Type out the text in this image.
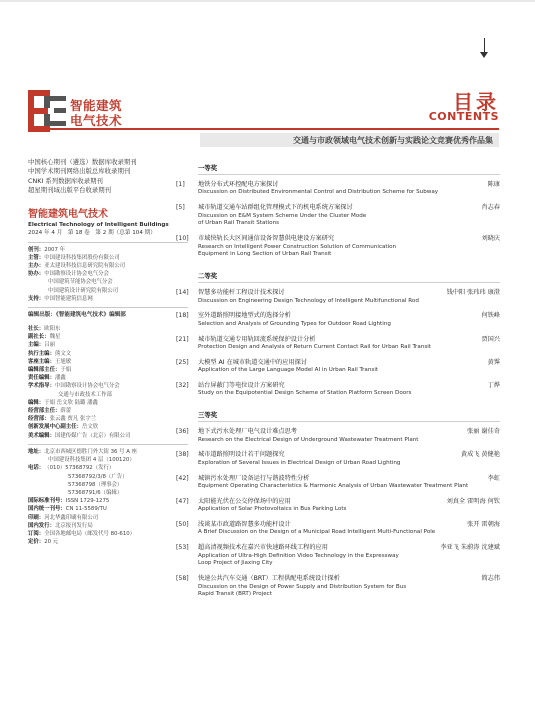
智能建筑
电气技术
目录
CONTENTS
交通与市政领域电气技术创新与实践论文竞赛优秀作品集
中国核心期刊（遴选）数据库收录期刊
中国学术期刊网络出版总库收录期刊
CNKI 系列数据库收录期刊
超星期刊域出版平台收录期刊
智能建筑电气技术
Electrical Technology of Intelligent Buildings
2024 年 4 月　第 18 卷　第 2 期（总第 104 期）
创刊： 2007 年
主管： 中国建设科技集团股份有限公司
主办： 亚太建设科技信息研究院有限公司
协办： 中国勘察设计协会电气分会
中国建筑节能协会电气分会
中国建筑设计研究院有限公司
支持： 中国智能建筑信息网
编辑出版：《智能建筑电气技术》编辑部
社长： 欧阳东
副社长： 魏星
主编： 吕丽
执行主编： 熊文文
客座主编： 王旭敏
编辑部主任： 于娟
责任编辑： 潘鑫
学术指导： 中国勘察设计协会电气分会
交通与市政技术工作部
编辑： 于娟 岳文欣 陆璐 潘鑫
经营部主任： 薛蕾
经营部： 张云鑫 贾凡 张宇兰
创新发展中心副主任： 岳文欣
美术编辑： 国建传媒广告（北京）有限公司
地址： 北京市西城区德胜门外大街 36 号 A 座
中国建设科技集团 4 层（100120）
电话： （010）57368792（发行）
57368792/3/8（广告）
57368798（理事会）
57368791/6（编辑）
国际标准刊号： ISSN 1729-1275
国内统一刊号： CN 11-5589/TU
印刷： 河北华鑫印刷有限公司
国内发行： 北京报刊发行局
订阅： 全国各地邮电局（邮发代号 80-610）
定价： 20 元
一等奖
[1]	地铁分布式环控配电方案探讨
Discussion on Distributed Environmental Control and Distribution Scheme for Subway
陈康
[5]	城市轨道交通车站群组化管理模式下的机电系统方案探讨
Discussion on E&M System Scheme Under the Cluster Mode
of Urban Rail Transit Stations
肖志春
[10]	市域快轨长大区间通信设备智慧供电建设方案研究
Research on Intelligent Power Construction Solution of Communication
Equipment in Long Section of Urban Rail Transit
刘晓庆
二等奖
[14]	智慧多功能杆工程设计技术探讨
Discussion on Engineering Design Technology of Intelligent Multifunctional Rod
钱中阳 张玮玮 康澄
[18]	室外道路照明接地型式的选择分析
Selection and Analysis of Grounding Types for Outdoor Road Lighting
何铁峰
[21]	城市轨道交通专用轨回流系统保护设计分析
Protection Design and Analysis of Return Current Contact Rail for Urban Rail Transit
贾国兴
[25]	大模型 AI 在城市轨道交通中的应用探讨
Application of the Large Language Model AI in Urban Rail Transit
黄霁
[32]	站台屏蔽门等电位设计方案研究
Study on the Equipotential Design Scheme of Station Platform Screen Doors
丁烨
三等奖
[36]	地下式污水处理厂电气设计难点思考
Research on the Electrical Design of Underground Wastewater Treatment Plant
张丽 谢佳奇
[38]	城市道路照明设计若干问题探究
Exploration of Several Issues in Electrical Design of Urban Road Lighting
黄成飞 黄健艳
[42]	城镇污水处理厂设备运行与谐波特性分析
Equipment Operating Characteristics & Harmonic Analysis of Urban Wastewater Treatment Plant
李虹
[47]	太阳能光伏在公交停保场中的应用
Application of Solar Photovoltaics in Bus Parking Lots
刘真全 雷明海 何钦
[50]	浅谈某市政道路智慧多功能杆设计
A Brief Discussion on the Design of a Municipal Road Intelligent Multi-Functional Pole
张开 雷朝海
[53]	超高清视频技术在嘉兴市快速路环线工程的应用
Application of Ultra-High Definition Video Technology in the Expressway
Loop Project of Jiaxing City
李亚飞 朱蔚涛 沈建斌
[58]	快速公共汽车交通（BRT）工程供配电系统设计探析
Discussion on the Design of Power Supply and Distribution System for Bus
Rapid Transit (BRT) Project
简志伟
